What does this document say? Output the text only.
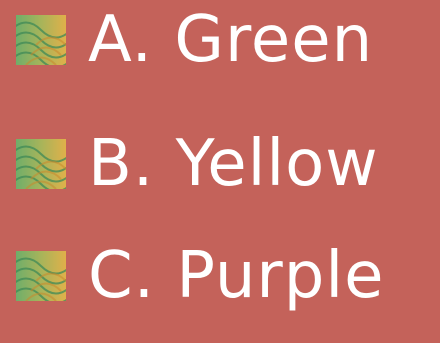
A. Green
B. Yellow
C. Purple
